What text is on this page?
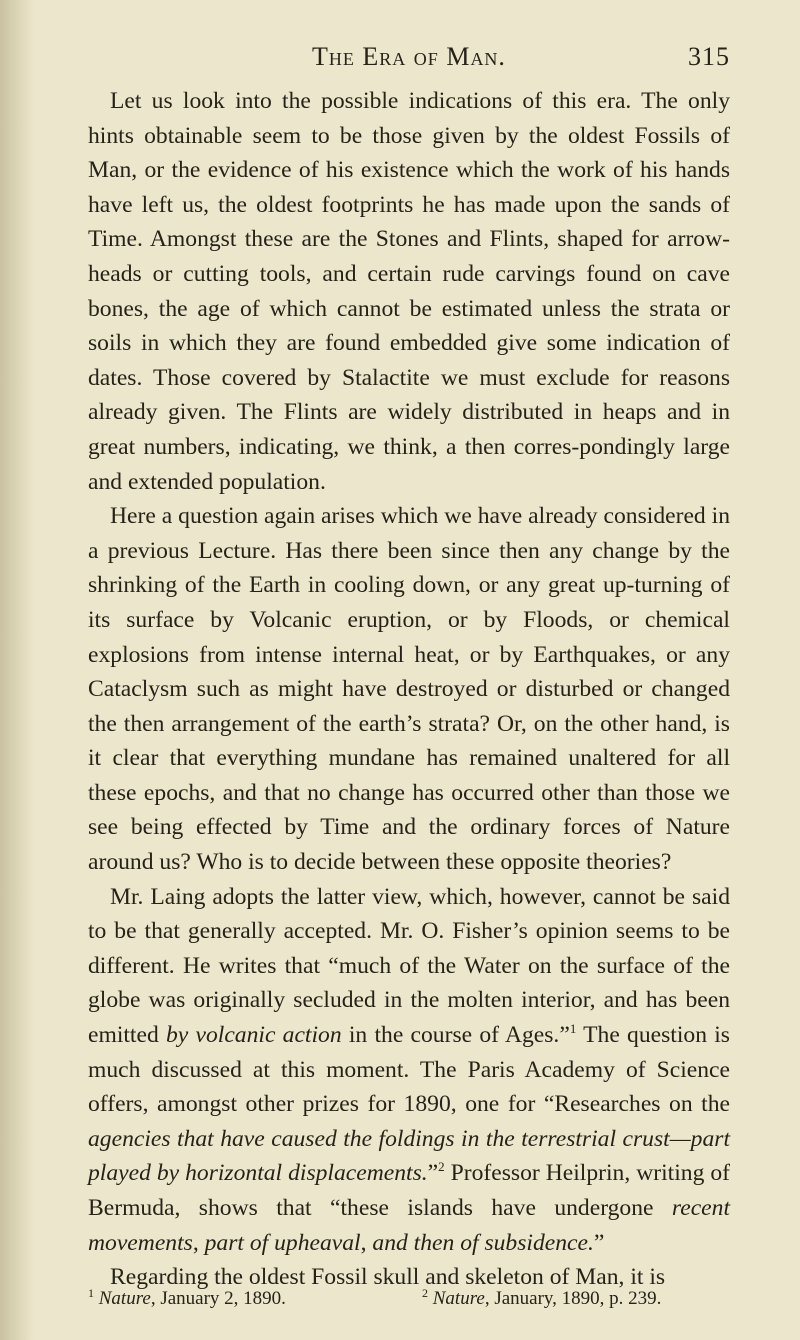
The Era of Man.	315

Let us look into the possible indications of this era. The only hints obtainable seem to be those given by the oldest Fossils of Man, or the evidence of his existence which the work of his hands have left us, the oldest footprints he has made upon the sands of Time. Amongst these are the Stones and Flints, shaped for arrow-heads or cutting tools, and certain rude carvings found on cave bones, the age of which cannot be estimated unless the strata or soils in which they are found embedded give some indication of dates. Those covered by Stalactite we must exclude for reasons already given. The Flints are widely distributed in heaps and in great numbers, indicating, we think, a then corres-pondingly large and extended population.

Here a question again arises which we have already considered in a previous Lecture. Has there been since then any change by the shrinking of the Earth in cooling down, or any great up-turning of its surface by Volcanic eruption, or by Floods, or chemical explosions from intense internal heat, or by Earthquakes, or any Cataclysm such as might have destroyed or disturbed or changed the then arrangement of the earth’s strata? Or, on the other hand, is it clear that everything mundane has remained unaltered for all these epochs, and that no change has occurred other than those we see being effected by Time and the ordinary forces of Nature around us? Who is to decide between these opposite theories?

Mr. Laing adopts the latter view, which, however, cannot be said to be that generally accepted. Mr. O. Fisher’s opinion seems to be different. He writes that “much of the Water on the surface of the globe was originally secluded in the molten interior, and has been emitted by volcanic action in the course of Ages.”$^1$ The question is much discussed at this moment. The Paris Academy of Science offers, amongst other prizes for 1890, one for “Researches on the agencies that have caused the foldings in the terrestrial crust—part played by horizontal displacements.”$^2$ Professor Heilprin, writing of Bermuda, shows that “these islands have undergone recent movements, part of upheaval, and then of subsidence.”

Regarding the oldest Fossil skull and skeleton of Man, it is

$^1$ Nature, January 2, 1890.	$^2$ Nature, January, 1890, p. 239.
